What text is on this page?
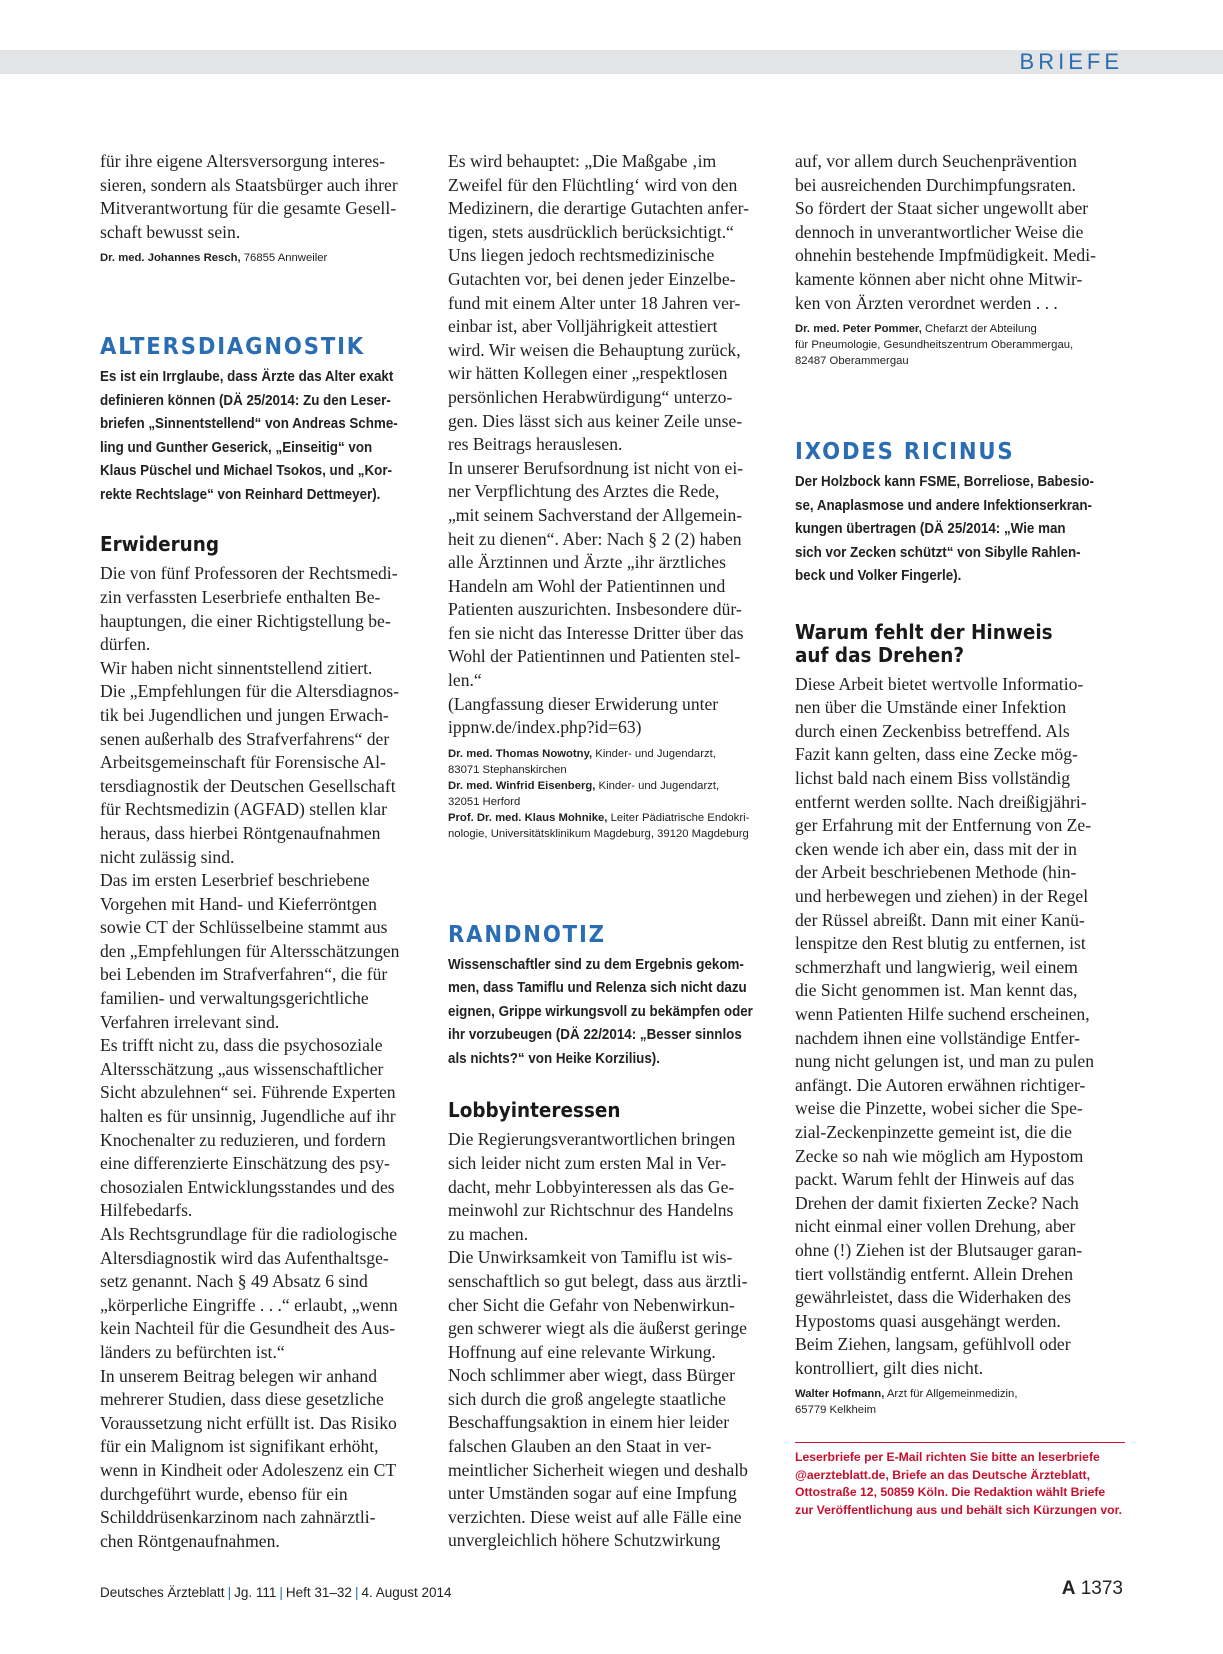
BRIEFE

für ihre eigene Altersversorgung interes-

sieren, sondern als Staatsbürger auch ihrer

Mitverantwortung für die gesamte Gesell-

schaft bewusst sein.

Dr. med. Johannes Resch, 76855 Annweiler
ALTERSDIAGNOSTIK

Es ist ein Irrglaube, dass Ärzte das Alter exakt

definieren können (DÄ 25/2014: Zu den Leser-

briefen „Sinnentstellend“ von Andreas Schme-

ling und Gunther Geserick, „Einseitig“ von

Klaus Püschel und Michael Tsokos, und „Kor-

rekte Rechtslage“ von Reinhard Dettmeyer).

Erwiderung

Die von fünf Professoren der Rechtsmedi-

zin verfassten Leserbriefe enthalten Be-

hauptungen, die einer Richtigstellung be-

dürfen.

Wir haben nicht sinnentstellend zitiert.

Die „Empfehlungen für die Altersdiagnos-

tik bei Jugendlichen und jungen Erwach-

senen außerhalb des Strafverfahrens“ der

Arbeitsgemeinschaft für Forensische Al-

tersdiagnostik der Deutschen Gesellschaft

für Rechtsmedizin (AGFAD) stellen klar

heraus, dass hierbei Röntgenaufnahmen

nicht zulässig sind.

Das im ersten Leserbrief beschriebene

Vorgehen mit Hand- und Kieferröntgen

sowie CT der Schlüsselbeine stammt aus

den „Empfehlungen für Altersschätzungen

bei Lebenden im Strafverfahren“, die für

familien- und verwaltungsgerichtliche

Verfahren irrelevant sind.

Es trifft nicht zu, dass die psychosoziale

Altersschätzung „aus wissenschaftlicher

Sicht abzulehnen“ sei. Führende Experten

halten es für unsinnig, Jugendliche auf ihr

Knochenalter zu reduzieren, und fordern

eine differenzierte Einschätzung des psy-

chosozialen Entwicklungsstandes und des

Hilfebedarfs.

Als Rechtsgrundlage für die radiologische

Altersdiagnostik wird das Aufenthaltsge-

setz genannt. Nach § 49 Absatz 6 sind

„körperliche Eingriffe . . .“ erlaubt, „wenn

kein Nachteil für die Gesundheit des Aus-

länders zu befürchten ist.“

In unserem Beitrag belegen wir anhand

mehrerer Studien, dass diese gesetzliche

Voraussetzung nicht erfüllt ist. Das Risiko

für ein Malignom ist signifikant erhöht,

wenn in Kindheit oder Adoleszenz ein CT

durchgeführt wurde, ebenso für ein

Schilddrüsenkarzinom nach zahnärztli-

chen Röntgenaufnahmen.

Es wird behauptet: „Die Maßgabe ‚im

Zweifel für den Flüchtling‘ wird von den

Medizinern, die derartige Gutachten anfer-

tigen, stets ausdrücklich berücksichtigt.“

Uns liegen jedoch rechtsmedizinische

Gutachten vor, bei denen jeder Einzelbe-

fund mit einem Alter unter 18 Jahren ver-

einbar ist, aber Volljährigkeit attestiert

wird. Wir weisen die Behauptung zurück,

wir hätten Kollegen einer „respektlosen

persönlichen Herabwürdigung“ unterzo-

gen. Dies lässt sich aus keiner Zeile unse-

res Beitrags herauslesen.

In unserer Berufsordnung ist nicht von ei-

ner Verpflichtung des Arztes die Rede,

„mit seinem Sachverstand der Allgemein-

heit zu dienen“. Aber: Nach § 2 (2) haben

alle Ärztinnen und Ärzte „ihr ärztliches

Handeln am Wohl der Patientinnen und

Patienten auszurichten. Insbesondere dür-

fen sie nicht das Interesse Dritter über das

Wohl der Patientinnen und Patienten stel-

len.“

(Langfassung dieser Erwiderung unter

ippnw.de/index.php?id=63)

Dr. med. Thomas Nowotny, Kinder- und Jugendarzt,

83071 Stephanskirchen

Dr. med. Winfrid Eisenberg, Kinder- und Jugendarzt,

32051 Herford

Prof. Dr. med. Klaus Mohnike, Leiter Pädiatrische Endokri-

nologie, Universitätsklinikum Magdeburg, 39120 Magdeburg

RANDNOTIZ

Wissenschaftler sind zu dem Ergebnis gekom-

men, dass Tamiflu und Relenza sich nicht dazu

eignen, Grippe wirkungsvoll zu bekämpfen oder

ihr vorzubeugen (DÄ 22/2014: „Besser sinnlos

als nichts?“ von Heike Korzilius).

Lobbyinteressen

Die Regierungsverantwortlichen bringen

sich leider nicht zum ersten Mal in Ver-

dacht, mehr Lobbyinteressen als das Ge-

meinwohl zur Richtschnur des Handelns

zu machen.

Die Unwirksamkeit von Tamiflu ist wis-

senschaftlich so gut belegt, dass aus ärztli-

cher Sicht die Gefahr von Nebenwirkun-

gen schwerer wiegt als die äußerst geringe

Hoffnung auf eine relevante Wirkung.

Noch schlimmer aber wiegt, dass Bürger

sich durch die groß angelegte staatliche

Beschaffungsaktion in einem hier leider

falschen Glauben an den Staat in ver-

meintlicher Sicherheit wiegen und deshalb

unter Umständen sogar auf eine Impfung

verzichten. Diese weist auf alle Fälle eine

unvergleichlich höhere Schutzwirkung

auf, vor allem durch Seuchenprävention

bei ausreichenden Durchimpfungsraten.

So fördert der Staat sicher ungewollt aber

dennoch in unverantwortlicher Weise die

ohnehin bestehende Impfmüdigkeit. Medi-

kamente können aber nicht ohne Mitwir-

ken von Ärzten verordnet werden . . .

Dr. med. Peter Pommer, Chefarzt der Abteilung

für Pneumologie, Gesundheitszentrum Oberammergau,

82487 Oberammergau

IXODES RICINUS

Der Holzbock kann FSME, Borreliose, Babesio-

se, Anaplasmose und andere Infektionserkran-

kungen übertragen (DÄ 25/2014: „Wie man

sich vor Zecken schützt“ von Sibylle Rahlen-

beck und Volker Fingerle).

Warum fehlt der Hinweis
auf das Drehen?

Diese Arbeit bietet wertvolle Informatio-

nen über die Umstände einer Infektion

durch einen Zeckenbiss betreffend. Als

Fazit kann gelten, dass eine Zecke mög-

lichst bald nach einem Biss vollständig

entfernt werden sollte. Nach dreißigjähri-

ger Erfahrung mit der Entfernung von Ze-

cken wende ich aber ein, dass mit der in

der Arbeit beschriebenen Methode (hin-

und herbewegen und ziehen) in der Regel

der Rüssel abreißt. Dann mit einer Kanü-

lenspitze den Rest blutig zu entfernen, ist

schmerzhaft und langwierig, weil einem

die Sicht genommen ist. Man kennt das,

wenn Patienten Hilfe suchend erscheinen,

nachdem ihnen eine vollständige Entfer-

nung nicht gelungen ist, und man zu pulen

anfängt. Die Autoren erwähnen richtiger-

weise die Pinzette, wobei sicher die Spe-

zial-Zeckenpinzette gemeint ist, die die

Zecke so nah wie möglich am Hypostom

packt. Warum fehlt der Hinweis auf das

Drehen der damit fixierten Zecke? Nach

nicht einmal einer vollen Drehung, aber

ohne (!) Ziehen ist der Blutsauger garan-

tiert vollständig entfernt. Allein Drehen

gewährleistet, dass die Widerhaken des

Hypostoms quasi ausgehängt werden.

Beim Ziehen, langsam, gefühlvoll oder

kontrolliert, gilt dies nicht.

Walter Hofmann, Arzt für Allgemeinmedizin,

65779 Kelkheim

Leserbriefe per E-Mail richten Sie bitte an leserbriefe

@aerzteblatt.de, Briefe an das Deutsche Ärzteblatt,

Ottostraße 12, 50859 Köln. Die Redaktion wählt Briefe

zur Veröffentlichung aus und behält sich Kürzungen vor.

Deutsches Ärzteblatt | Jg. 111 | Heft 31–32 | 4. August 2014	A 1373
